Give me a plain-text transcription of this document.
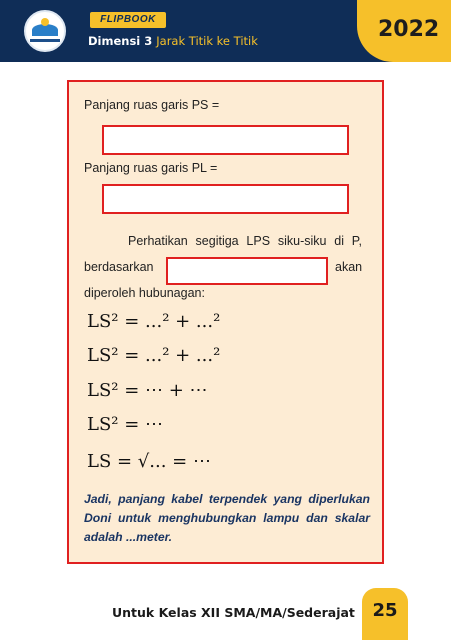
FLIPBOOK
Dimensi 3 Jarak Titik ke Titik	2022
Panjang ruas garis PS =
Panjang ruas garis PL =
Perhatikan segitiga LPS siku-siku di P,
berdasarkan	akan
diperoleh hubunagan:
LS² = ...² + ...²
LS² = ...² + ...²
LS² = ⋯ + ⋯
LS² = ⋯
LS = √... = ⋯
Jadi, panjang kabel terpendek yang diperlukan Doni untuk menghubungkan lampu dan skalar adalah ...meter.
Untuk Kelas XII SMA/MA/Sederajat 25
